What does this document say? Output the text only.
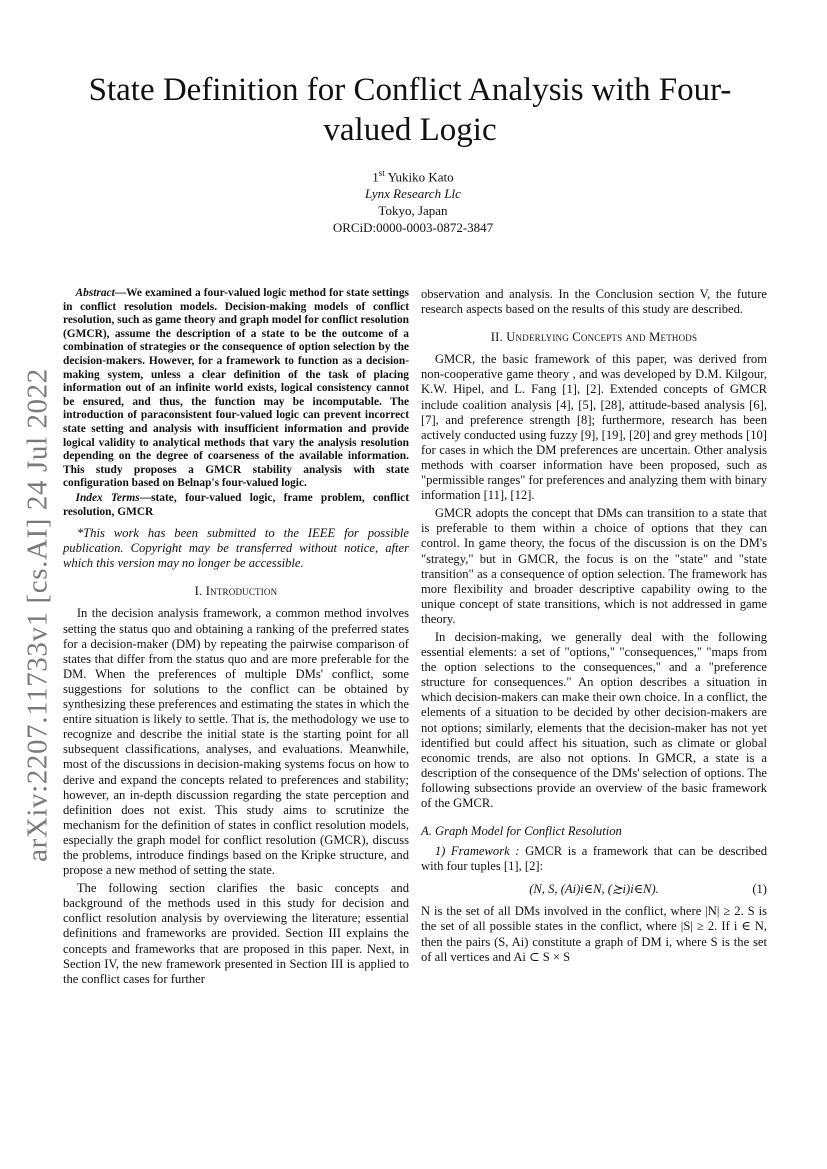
arXiv:2207.11733v1 [cs.AI] 24 Jul 2022
State Definition for Conflict Analysis with Four-valued Logic
1st Yukiko Kato
Lynx Research Llc
Tokyo, Japan
ORCiD:0000-0003-0872-3847

Abstract—We examined a four-valued logic method for state settings in conflict resolution models. Decision-making models of conflict resolution, such as game theory and graph model for conflict resolution (GMCR), assume the description of a state to be the outcome of a combination of strategies or the consequence of option selection by the decision-makers. However, for a framework to function as a decision-making system, unless a clear definition of the task of placing information out of an infinite world exists, logical consistency cannot be ensured, and thus, the function may be incomputable. The introduction of paraconsistent four-valued logic can prevent incorrect state setting and analysis with insufficient information and provide logical validity to analytical methods that vary the analysis resolution depending on the degree of coarseness of the available information. This study proposes a GMCR stability analysis with state configuration based on Belnap's four-valued logic.

Index Terms—state, four-valued logic, frame problem, conflict resolution, GMCR

*This work has been submitted to the IEEE for possible publication. Copyright may be transferred without notice, after which this version may no longer be accessible.

I. Introduction

In the decision analysis framework, a common method involves setting the status quo and obtaining a ranking of the preferred states for a decision-maker (DM) by repeating the pairwise comparison of states that differ from the status quo and are more preferable for the DM. When the preferences of multiple DMs' conflict, some suggestions for solutions to the conflict can be obtained by synthesizing these preferences and estimating the states in which the entire situation is likely to settle. That is, the methodology we use to recognize and describe the initial state is the starting point for all subsequent classifications, analyses, and evaluations. Meanwhile, most of the discussions in decision-making systems focus on how to derive and expand the concepts related to preferences and stability; however, an in-depth discussion regarding the state perception and definition does not exist. This study aims to scrutinize the mechanism for the definition of states in conflict resolution models, especially the graph model for conflict resolution (GMCR), discuss the problems, introduce findings based on the Kripke structure, and propose a new method of setting the state.

The following section clarifies the basic concepts and background of the methods used in this study for decision and conflict resolution analysis by overviewing the literature; essential definitions and frameworks are provided. Section III explains the concepts and frameworks that are proposed in this paper. Next, in Section IV, the new framework presented in Section III is applied to the conflict cases for further

observation and analysis. In the Conclusion section V, the future research aspects based on the results of this study are described.

II. Underlying Concepts and Methods

GMCR, the basic framework of this paper, was derived from non-cooperative game theory , and was developed by D.M. Kilgour, K.W. Hipel, and L. Fang [1], [2]. Extended concepts of GMCR include coalition analysis [4], [5], [28], attitude-based analysis [6], [7], and preference strength [8]; furthermore, research has been actively conducted using fuzzy [9], [19], [20] and grey methods [10] for cases in which the DM preferences are uncertain. Other analysis methods with coarser information have been proposed, such as "permissible ranges" for preferences and analyzing them with binary information [11], [12].

GMCR adopts the concept that DMs can transition to a state that is preferable to them within a choice of options that they can control. In game theory, the focus of the discussion is on the DM's "strategy," but in GMCR, the focus is on the "state" and "state transition" as a consequence of option selection. The framework has more flexibility and broader descriptive capability owing to the unique concept of state transitions, which is not addressed in game theory.

In decision-making, we generally deal with the following essential elements: a set of "options," "consequences," "maps from the option selections to the consequences," and a "preference structure for consequences." An option describes a situation in which decision-makers can make their own choice. In a conflict, the elements of a situation to be decided by other decision-makers are not options; similarly, elements that the decision-maker has not yet identified but could affect his situation, such as climate or global economic trends, are also not options. In GMCR, a state is a description of the consequence of the DMs' selection of options. The following subsections provide an overview of the basic framework of the GMCR.

A. Graph Model for Conflict Resolution

1) Framework : GMCR is a framework that can be described with four tuples [1], [2]:

(N, S, (Ai)i∈N, (≿i)i∈N).	(1)

N is the set of all DMs involved in the conflict, where |N| ≥ 2. S is the set of all possible states in the conflict, where |S| ≥ 2. If i ∈ N, then the pairs (S, Ai) constitute a graph of DM i, where S is the set of all vertices and Ai ⊂ S × S
